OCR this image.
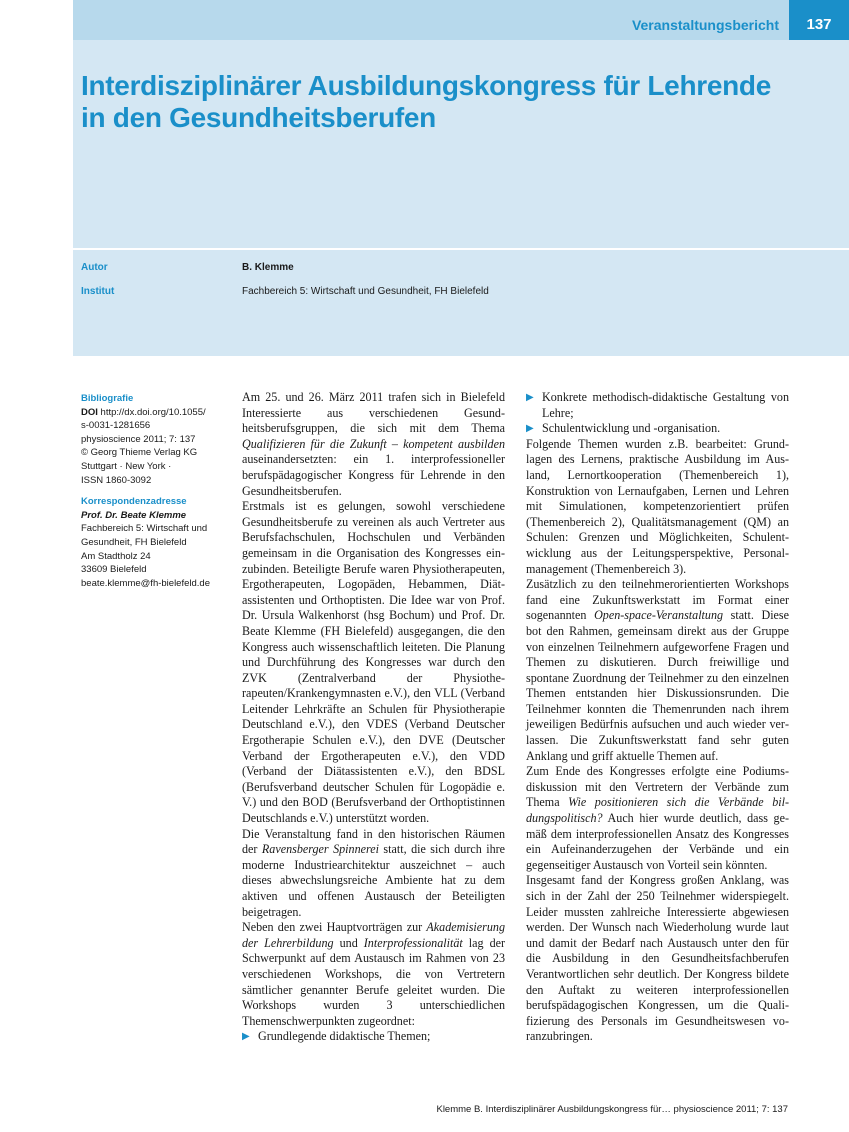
Veranstaltungsbericht	137
Interdisziplinärer Ausbildungskongress für Lehrende
in den Gesundheitsberufen
Autor	B. Klemme
Institut	Fachbereich 5: Wirtschaft und Gesundheit, FH Bielefeld
Bibliografie
DOI http://dx.doi.org/10.1055/
s-0031-1281656
physioscience 2011; 7: 137
© Georg Thieme Verlag KG
Stuttgart · New York ·
ISSN 1860-3092
Korrespondenzadresse
Prof. Dr. Beate Klemme
Fachbereich 5: Wirtschaft und
Gesundheit, FH Bielefeld
Am Stadtholz 24
33609 Bielefeld
beate.klemme@fh-bielefeld.de

Am 25. und 26. März 2011 trafen sich in Bielefeld Interessierte aus verschiedenen Gesundheitsberufsgruppen, die sich mit dem Thema Qualifizieren für die Zukunft – kompetent ausbilden auseinandersetzten: ein 1. interprofessioneller berufspädagogischer Kongress für Lehrende in den Gesundheitsberufen.

Erstmals ist es gelungen, sowohl verschiedene Gesundheitsberufe zu vereinen als auch Vertreter aus Berufsfachschulen, Hochschulen und Verbänden gemeinsam in die Organisation des Kongresses einzubinden. Beteiligte Berufe waren Physiotherapeuten, Ergotherapeuten, Logopäden, Hebammen, Diätassistenten und Orthoptisten. Die Idee war von Prof. Dr. Ursula Walkenhorst (hsg Bochum) und Prof. Dr. Beate Klemme (FH Bielefeld) ausgegangen, die den Kongress auch wissenschaftlich leiteten. Die Planung und Durchführung des Kongresses war durch den ZVK (Zentralverband der Physiotherapeuten/Krankengymnasten e.V.), den VLL (Verband Leitender Lehrkräfte an Schulen für Physiotherapie Deutschland e.V.), den VDES (Verband Deutscher Ergotherapie Schulen e.V.), den DVE (Deutscher Verband der Ergotherapeuten e.V.), den VDD (Verband der Diätassistenten e.V.), den BDSL (Berufsverband deutscher Schulen für Logopädie e. V.) und den BOD (Berufsverband der Orthoptistinnen Deutschlands e.V.) unterstützt worden.

Die Veranstaltung fand in den historischen Räumen der Ravensberger Spinnerei statt, die sich durch ihre moderne Industriearchitektur auszeichnet – auch dieses abwechslungsreiche Ambiente hat zu dem aktiven und offenen Austausch der Beteiligten beigetragen.

Neben den zwei Hauptvorträgen zur Akademisierung der Lehrerbildung und Interprofessionalität lag der Schwerpunkt auf dem Austausch im Rahmen von 23 verschiedenen Workshops, die von Vertretern sämtlicher genannter Berufe geleitet wurden. Die Workshops wurden 3 unterschiedlichen Themenschwerpunkten zugeordnet:

▶ Grundlegende didaktische Themen;

▶ Konkrete methodisch-didaktische Gestaltung von Lehre;

▶ Schulentwicklung und -organisation.

Folgende Themen wurden z.B. bearbeitet: Grundlagen des Lernens, praktische Ausbildung im Ausland, Lernortkooperation (Themenbereich 1), Konstruktion von Lernaufgaben, Lernen und Lehren mit Simulationen, kompetenzorientiert prüfen (Themenbereich 2), Qualitätsmanagement (QM) an Schulen: Grenzen und Möglichkeiten, Schulentwicklung aus der Leitungsperspektive, Personalmanagement (Themenbereich 3).

Zusätzlich zu den teilnehmerorientierten Workshops fand eine Zukunftswerkstatt im Format einer sogenannten Open-space-Veranstaltung statt. Diese bot den Rahmen, gemeinsam direkt aus der Gruppe von einzelnen Teilnehmern aufgeworfene Fragen und Themen zu diskutieren. Durch freiwillige und spontane Zuordnung der Teilnehmer zu den einzelnen Themen entstanden hier Diskussionsrunden. Die Teilnehmer konnten die Themenrunden nach ihrem jeweiligen Bedürfnis aufsuchen und auch wieder verlassen. Die Zukunftswerkstatt fand sehr guten Anklang und griff aktuelle Themen auf.

Zum Ende des Kongresses erfolgte eine Podiumsdiskussion mit den Vertretern der Verbände zum Thema Wie positionieren sich die Verbände bildungspolitisch? Auch hier wurde deutlich, dass gemäß dem interprofessionellen Ansatz des Kongresses ein Aufeinanderzugehen der Verbände und ein gegenseitiger Austausch von Vorteil sein könnten.

Insgesamt fand der Kongress großen Anklang, was sich in der Zahl der 250 Teilnehmer widerspiegelt. Leider mussten zahlreiche Interessierte abgewiesen werden. Der Wunsch nach Wiederholung wurde laut und damit der Bedarf nach Austausch unter den für die Ausbildung in den Gesundheitsfachberufen Verantwortlichen sehr deutlich. Der Kongress bildete den Auftakt zu weiteren interprofessionellen berufspädagogischen Kongressen, um die Qualifizierung des Personals im Gesundheitswesen voranzubringen.

Klemme B. Interdisziplinärer Ausbildungskongress für… physioscience 2011; 7: 137
